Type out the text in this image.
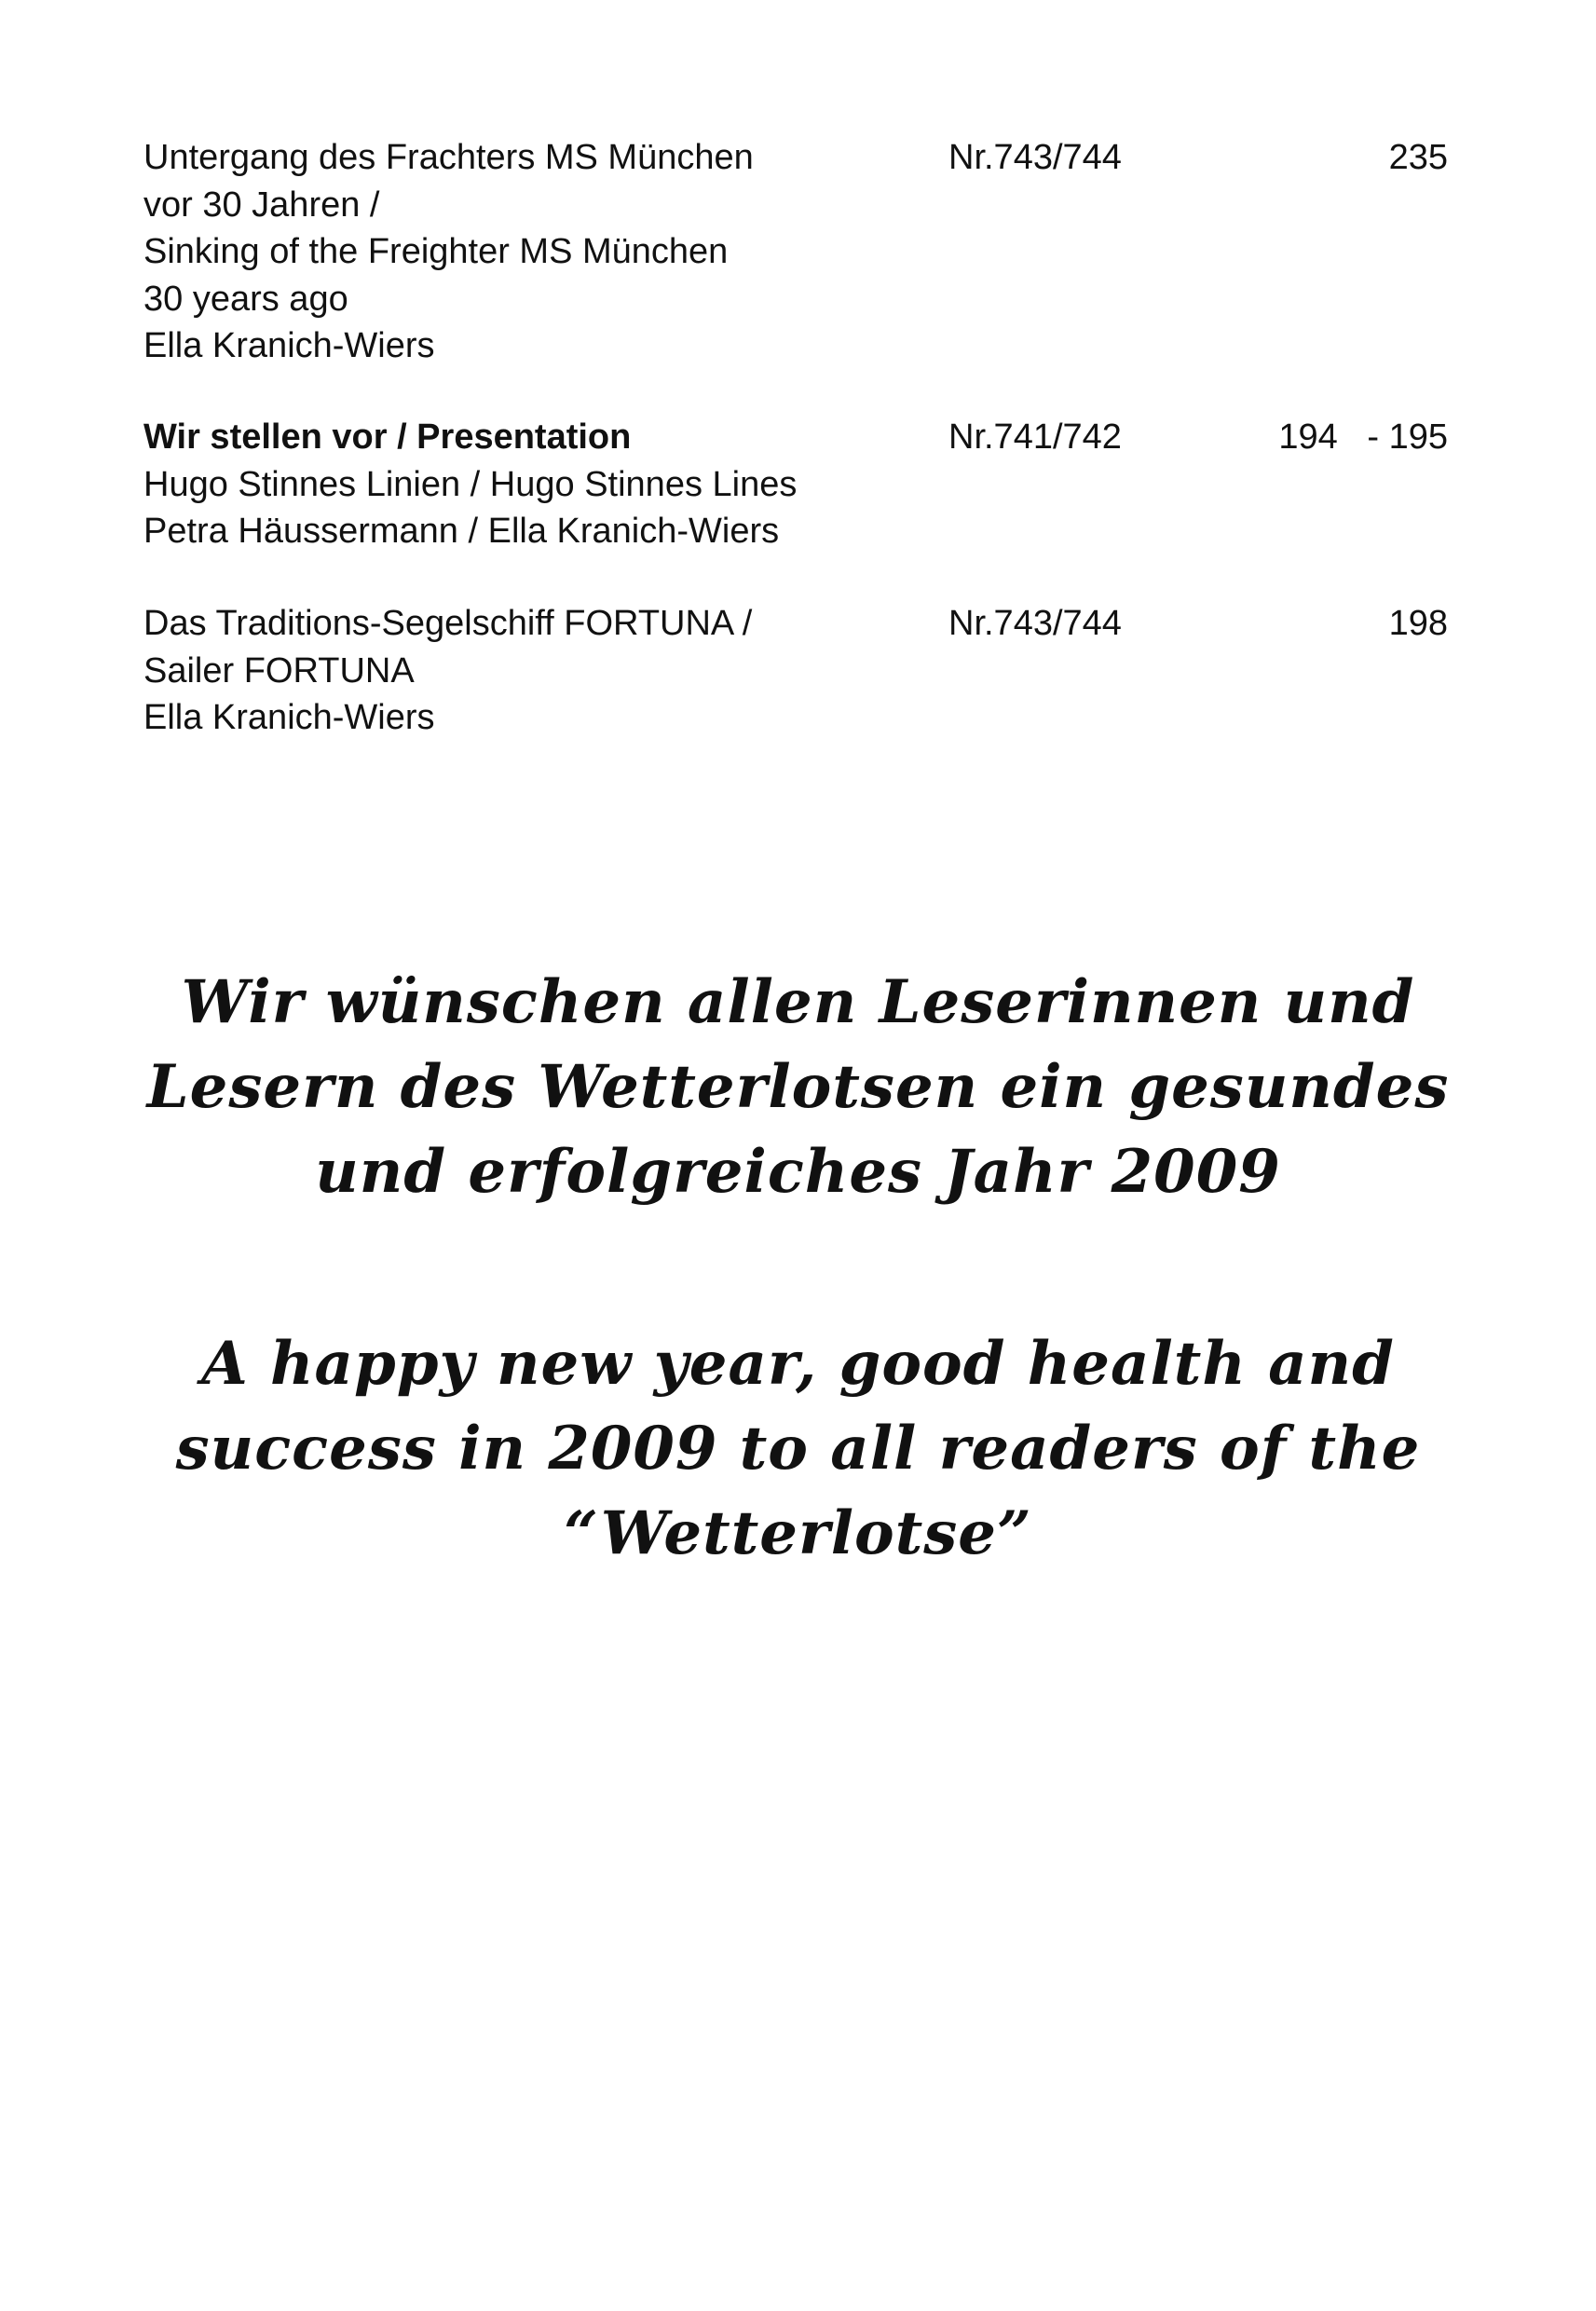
Untergang des Frachters MS München
vor 30 Jahren /
Sinking of the Freighter MS München
30 years ago
Ella Kranich-Wiers
Nr.743/744	235
Wir stellen vor / Presentation
Hugo Stinnes Linien / Hugo Stinnes Lines
Petra Häussermann / Ella Kranich-Wiers
Nr.741/742	194   - 195
Das Traditions-Segelschiff FORTUNA /
Sailer FORTUNA
Ella Kranich-Wiers
Nr.743/744	198
Wir wünschen allen Leserinnen und
Lesern des Wetterlotsen ein gesundes
und erfolgreiches Jahr 2009
A happy new year, good health and
success in 2009 to all readers of the
“Wetterlotse”
